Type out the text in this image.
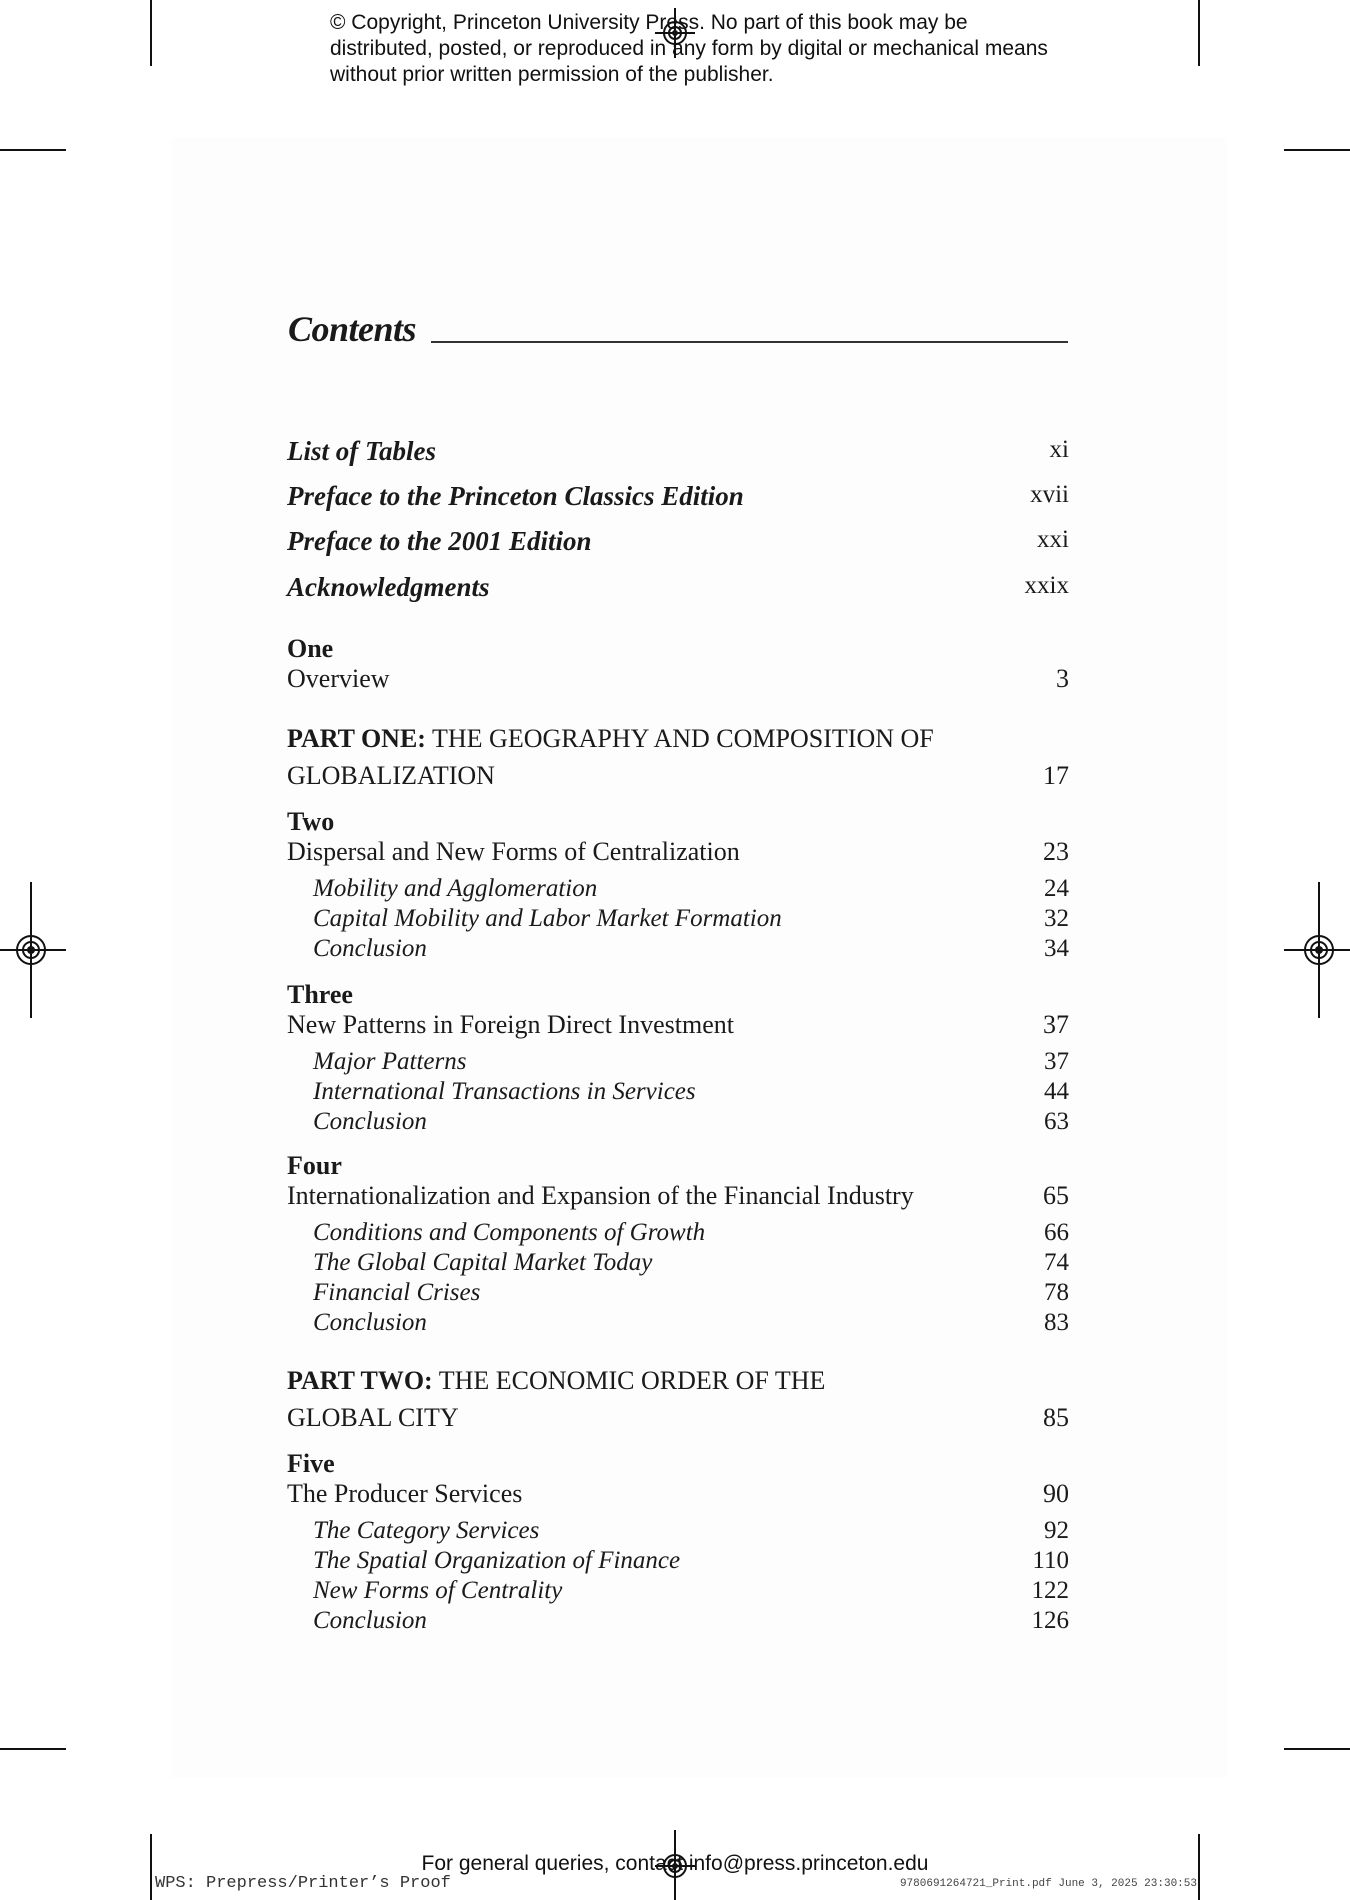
© Copyright, Princeton University Press. No part of this book may be distributed, posted, or reproduced in any form by digital or mechanical means without prior written permission of the publisher.
Contents
List of Tables	xi
Preface to the Princeton Classics Edition	xvii
Preface to the 2001 Edition	xxi
Acknowledgments	xxix
One
Overview	3
PART ONE: THE GEOGRAPHY AND COMPOSITION OF
GLOBALIZATION	17
Two
Dispersal and New Forms of Centralization	23
Mobility and Agglomeration	24
Capital Mobility and Labor Market Formation	32
Conclusion	34
Three
New Patterns in Foreign Direct Investment	37
Major Patterns	37
International Transactions in Services	44
Conclusion	63
Four
Internationalization and Expansion of the Financial Industry	65
Conditions and Components of Growth	66
The Global Capital Market Today	74
Financial Crises	78
Conclusion	83
PART TWO: THE ECONOMIC ORDER OF THE
GLOBAL CITY	85
Five
The Producer Services	90
The Category Services	92
The Spatial Organization of Finance	110
New Forms of Centrality	122
Conclusion	126
For general queries, contact info@press.princeton.edu
WPS: Prepress/Printer’s Proof	9780691264721_Print.pdf June 3, 2025 23:30:53
